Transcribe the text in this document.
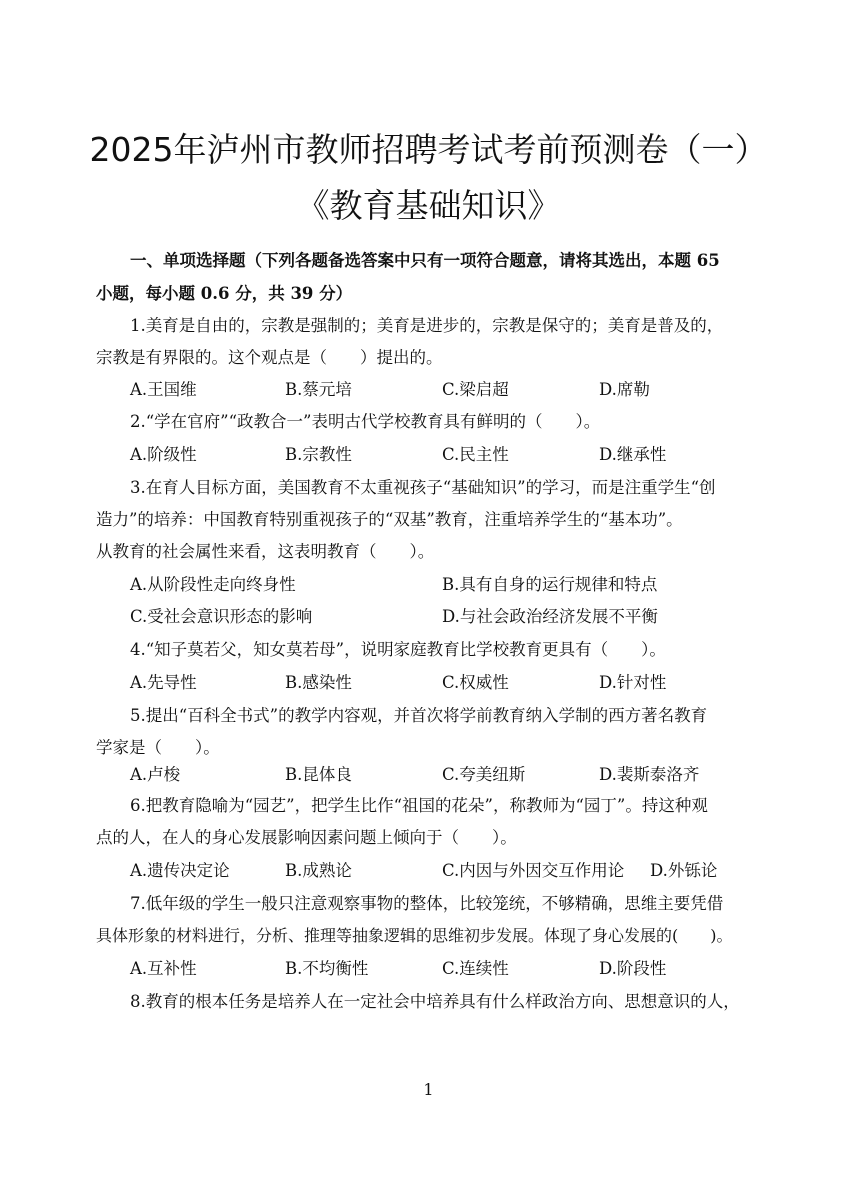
2025年泸州市教师招聘考试考前预测卷（一）
《教育基础知识》
一、单项选择题（下列各题备选答案中只有一项符合题意，请将其选出，本题 65
小题，每小题 0.6 分，共 39 分）
1.美育是自由的，宗教是强制的；美育是进步的，宗教是保守的；美育是普及的，
宗教是有界限的。这个观点是（　　）提出的。
A.王国维	B.蔡元培	C.梁启超	D.席勒
2.“学在官府”“政教合一”表明古代学校教育具有鲜明的（　　）。
A.阶级性	B.宗教性	C.民主性	D.继承性
3.在育人目标方面，美国教育不太重视孩子“基础知识”的学习，而是注重学生“创
造力”的培养：中国教育特别重视孩子的“双基”教育，注重培养学生的“基本功”。
从教育的社会属性来看，这表明教育（　　）。
A.从阶段性走向终身性	B.具有自身的运行规律和特点
C.受社会意识形态的影响	D.与社会政治经济发展不平衡
4.“知子莫若父，知女莫若母”，说明家庭教育比学校教育更具有（　　）。
A.先导性	B.感染性	C.权威性	D.针对性
5.提出“百科全书式”的教学内容观，并首次将学前教育纳入学制的西方著名教育
学家是（　　）。
A.卢梭	B.昆体良	C.夸美纽斯	D.裴斯泰洛齐
6.把教育隐喻为“园艺”，把学生比作“祖国的花朵”，称教师为“园丁”。持这种观
点的人，在人的身心发展影响因素问题上倾向于（　　）。
A.遗传决定论	B.成熟论	C.内因与外因交互作用论 D.外铄论
7.低年级的学生一般只注意观察事物的整体，比较笼统，不够精确，思维主要凭借
具体形象的材料进行，分析、推理等抽象逻辑的思维初步发展。体现了身心发展的(　　)。
A.互补性	B.不均衡性	C.连续性	D.阶段性
8.教育的根本任务是培养人在一定社会中培养具有什么样政治方向、思想意识的人，
1
